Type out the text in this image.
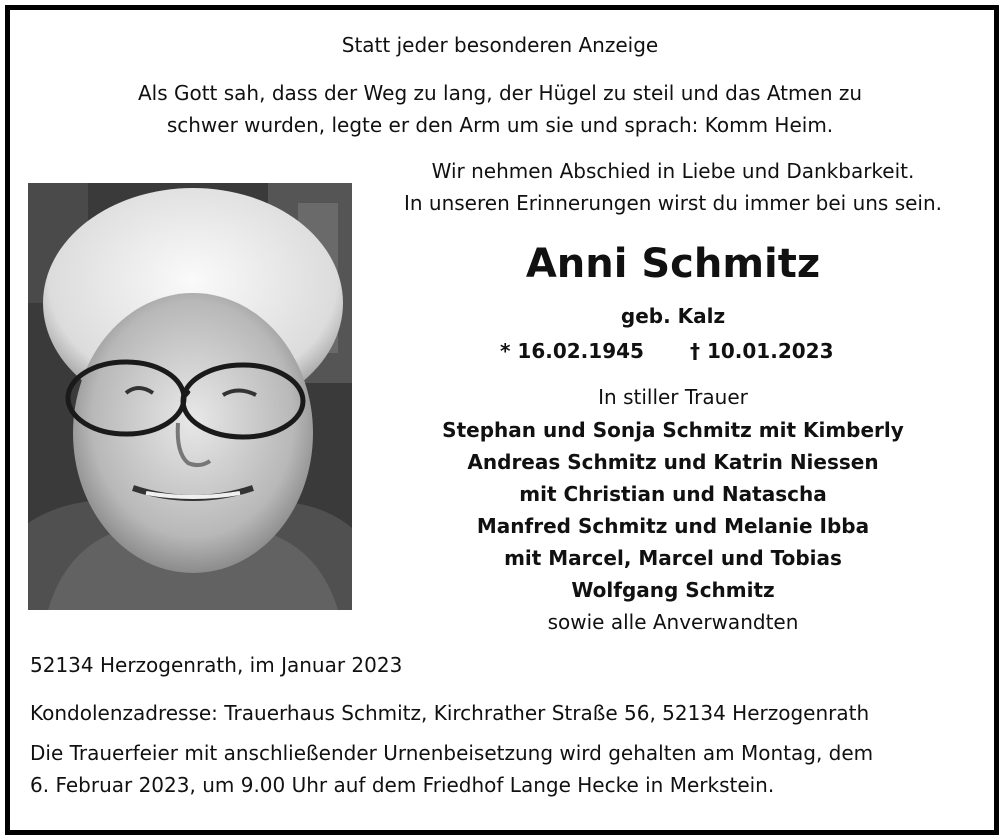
Statt jeder besonderen Anzeige
Als Gott sah, dass der Weg zu lang, der Hügel zu steil und das Atmen zu
schwer wurden, legte er den Arm um sie und sprach: Komm Heim.
Wir nehmen Abschied in Liebe und Dankbarkeit.
In unseren Erinnerungen wirst du immer bei uns sein.
Anni Schmitz
geb. Kalz
* 16.02.1945 † 10.01.2023
In stiller Trauer
Stephan und Sonja Schmitz mit Kimberly
Andreas Schmitz und Katrin Niessen
mit Christian und Natascha
Manfred Schmitz und Melanie Ibba
mit Marcel, Marcel und Tobias
Wolfgang Schmitz
sowie alle Anverwandten
52134 Herzogenrath, im Januar 2023
Kondolenzadresse: Trauerhaus Schmitz, Kirchrather Straße 56, 52134 Herzogenrath
Die Trauerfeier mit anschließender Urnenbeisetzung wird gehalten am Montag, dem
6. Februar 2023, um 9.00 Uhr auf dem Friedhof Lange Hecke in Merkstein.
